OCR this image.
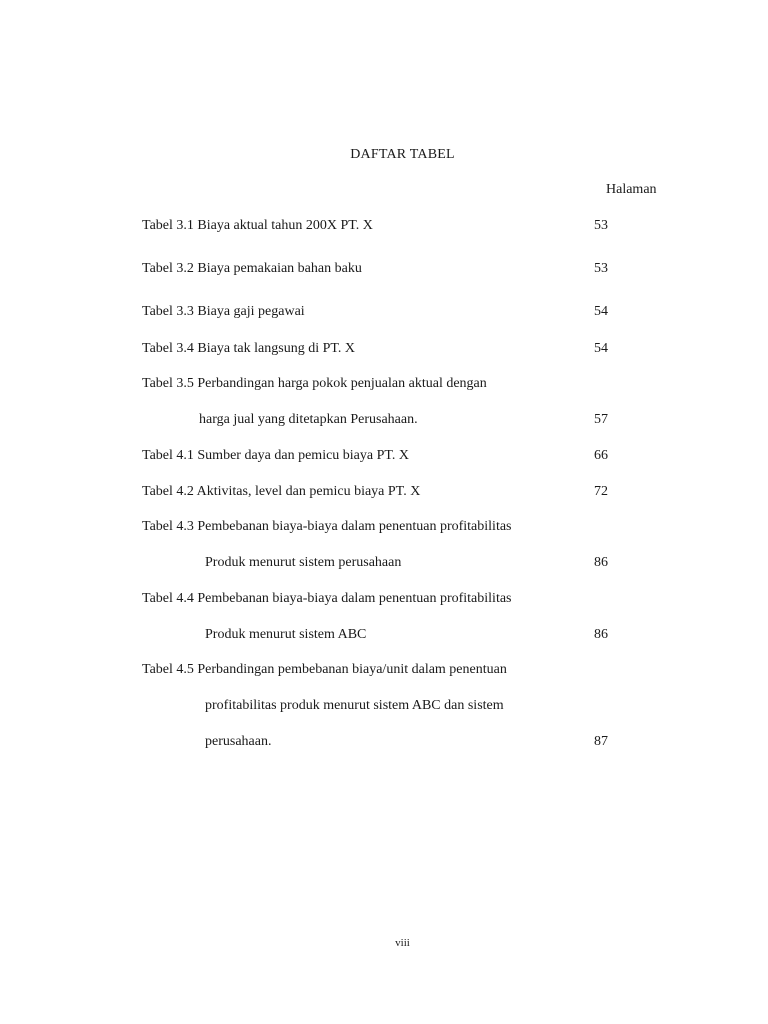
DAFTAR TABEL
Halaman
Tabel 3.1 Biaya aktual tahun 200X PT. X	53
Tabel 3.2 Biaya pemakaian bahan baku	53
Tabel 3.3 Biaya gaji pegawai	54
Tabel 3.4 Biaya tak langsung di PT. X	54
Tabel 3.5 Perbandingan harga pokok penjualan aktual dengan
harga jual yang ditetapkan Perusahaan.	57
Tabel 4.1 Sumber daya dan pemicu biaya PT. X	66
Tabel 4.2 Aktivitas, level dan pemicu biaya PT. X	72
Tabel 4.3 Pembebanan biaya-biaya dalam penentuan profitabilitas
Produk menurut sistem perusahaan	86
Tabel 4.4 Pembebanan biaya-biaya dalam penentuan profitabilitas
Produk menurut sistem ABC	86
Tabel 4.5 Perbandingan pembebanan biaya/unit dalam penentuan
profitabilitas produk menurut sistem ABC dan sistem
perusahaan.	87
viii
